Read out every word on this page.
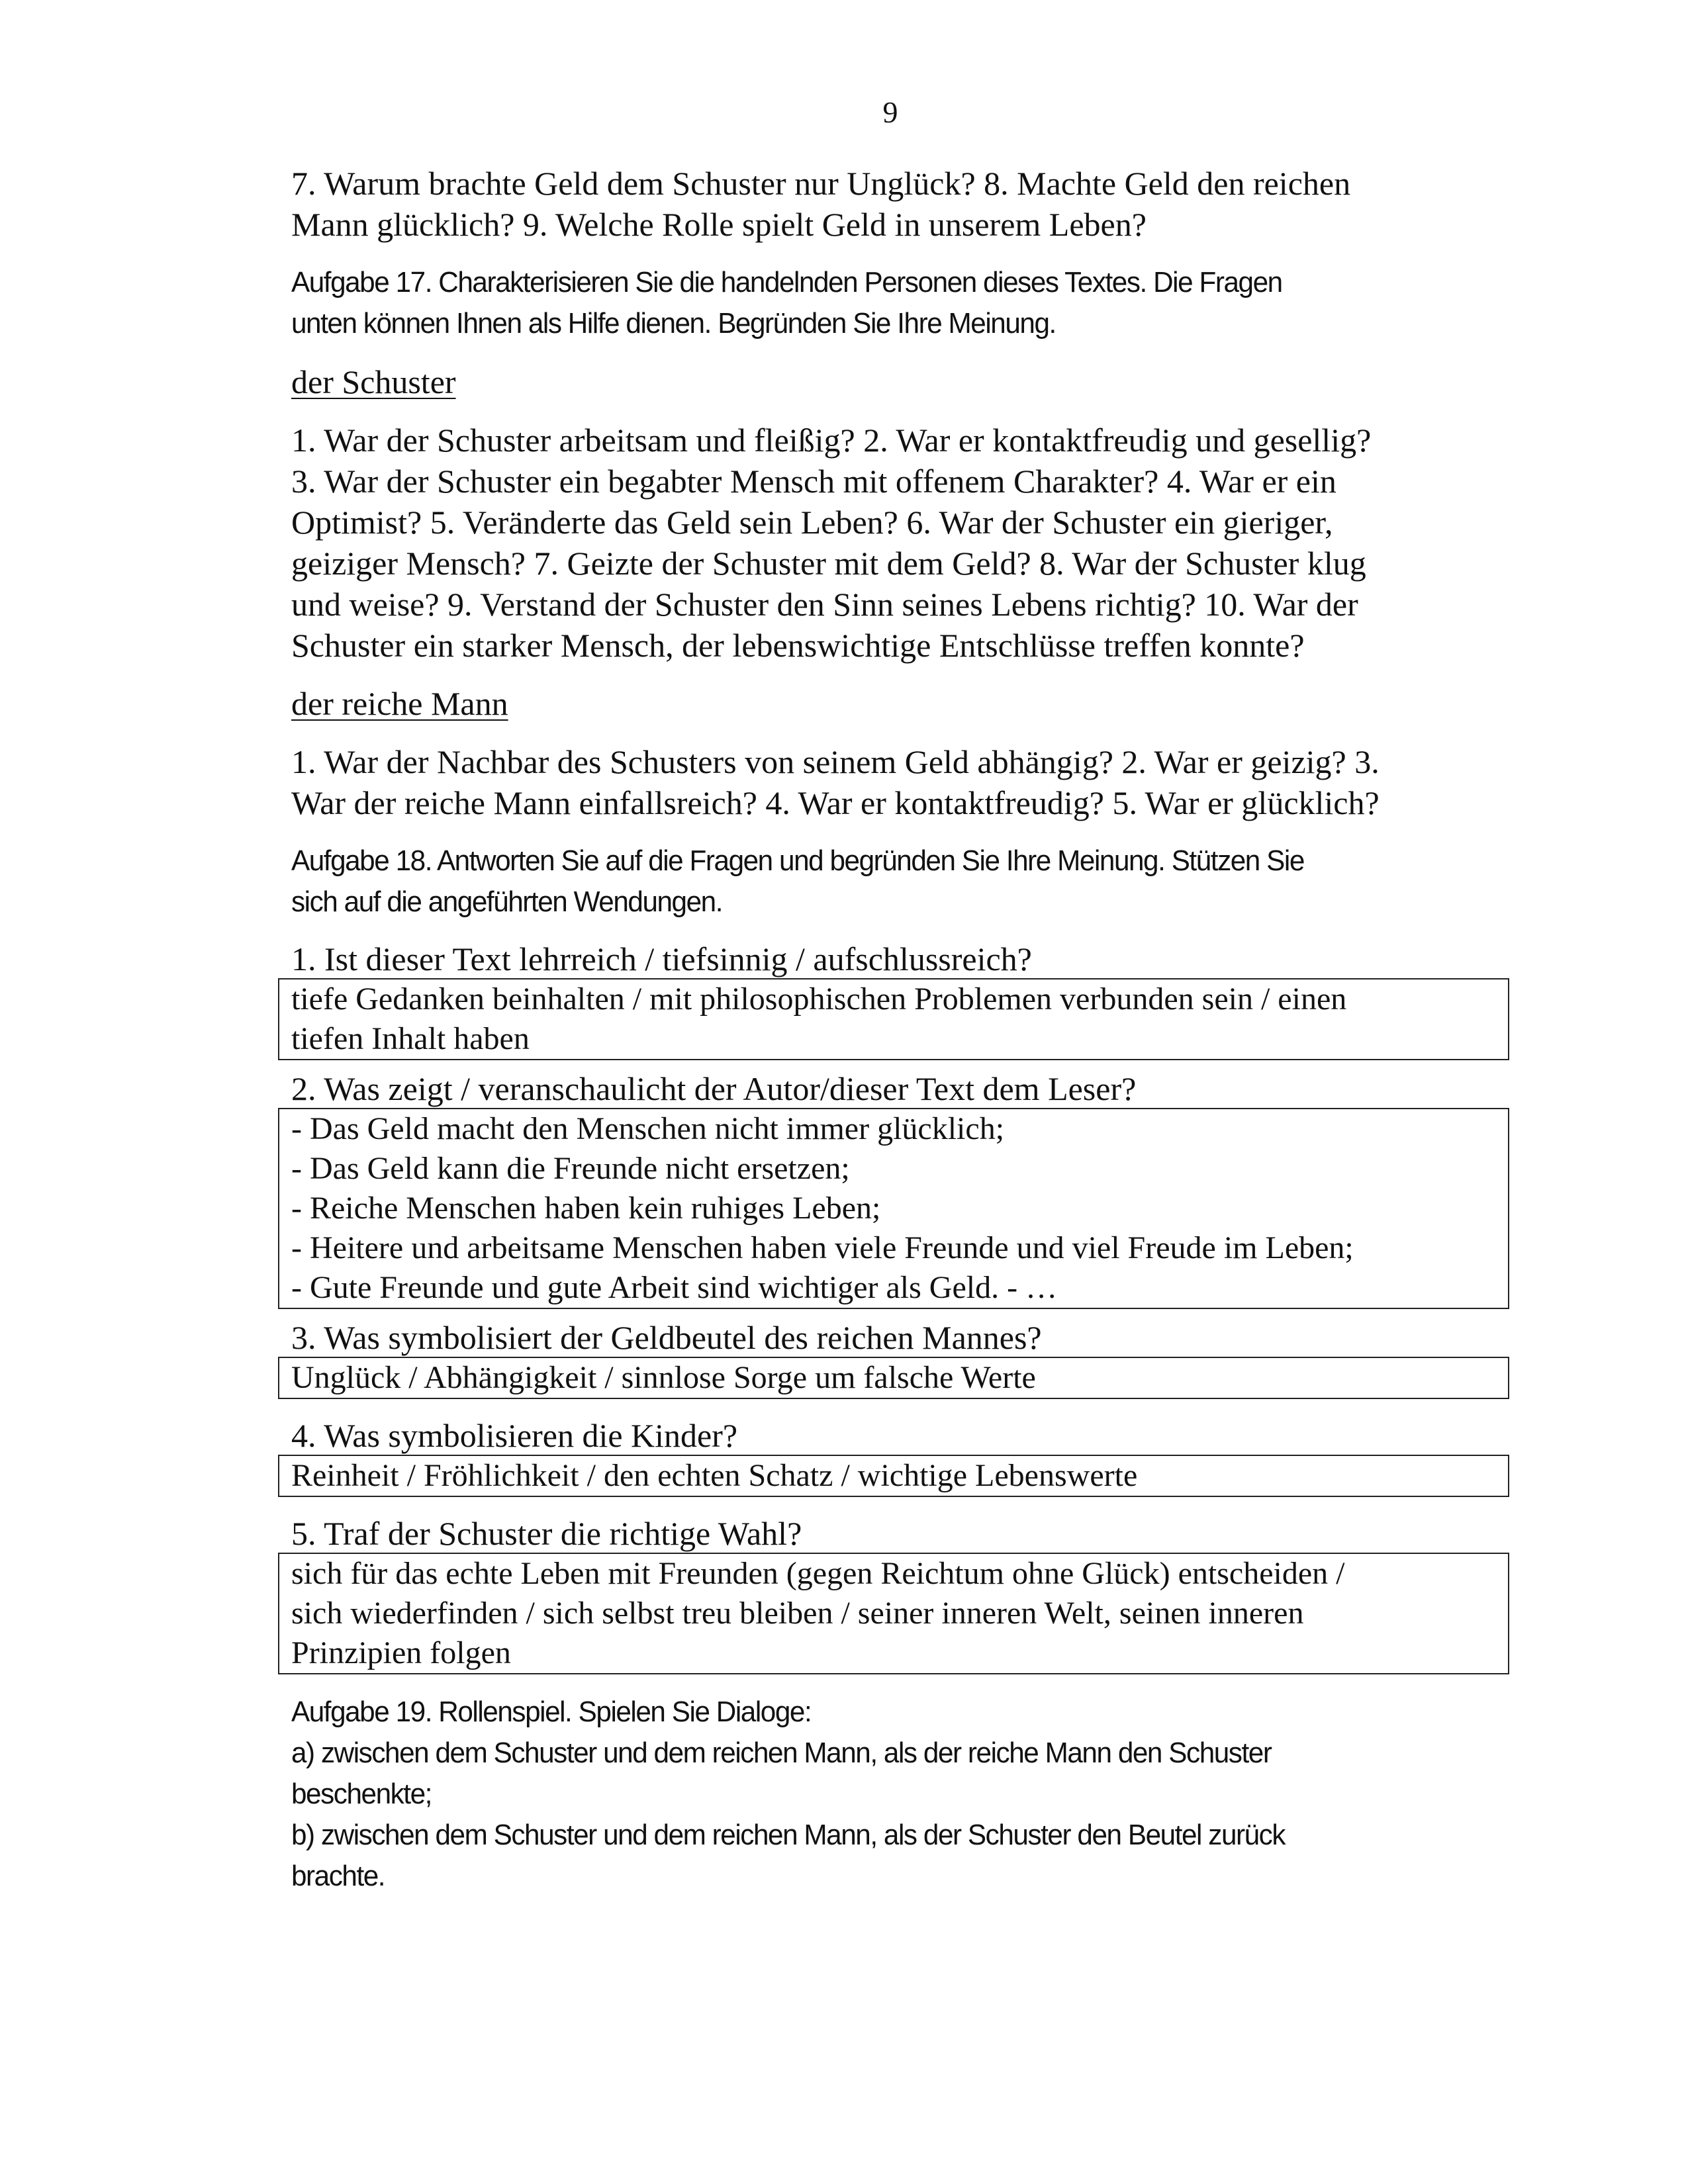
9

7. Warum brachte Geld dem Schuster nur Unglück? 8. Machte Geld den reichen
Mann glücklich? 9. Welche Rolle spielt Geld in unserem Leben?

Aufgabe 17. Charakterisieren Sie die handelnden Personen dieses Textes. Die Fragen
unten können Ihnen als Hilfe dienen. Begründen Sie Ihre Meinung.

der Schuster

1. War der Schuster arbeitsam und fleißig? 2. War er kontaktfreudig und gesellig?
3. War der Schuster ein begabter Mensch mit offenem Charakter? 4. War er ein
Optimist? 5. Veränderte das Geld sein Leben? 6. War der Schuster ein gieriger,
geiziger Mensch? 7. Geizte der Schuster mit dem Geld? 8. War der Schuster klug
und weise? 9. Verstand der Schuster den Sinn seines Lebens richtig? 10. War der
Schuster ein starker Mensch, der lebenswichtige Entschlüsse treffen konnte?

der reiche Mann

1. War der Nachbar des Schusters von seinem Geld abhängig? 2. War er geizig? 3.
War der reiche Mann einfallsreich? 4. War er kontaktfreudig? 5. War er glücklich?

Aufgabe 18. Antworten Sie auf die Fragen und begründen Sie Ihre Meinung. Stützen Sie
sich auf die angeführten Wendungen.

1. Ist dieser Text lehrreich / tiefsinnig / aufschlussreich?

tiefe Gedanken beinhalten / mit philosophischen Problemen verbunden sein / einen
tiefen Inhalt haben

2. Was zeigt / veranschaulicht der Autor/dieser Text dem Leser?

- Das Geld macht den Menschen nicht immer glücklich;
- Das Geld kann die Freunde nicht ersetzen;
- Reiche Menschen haben kein ruhiges Leben;
- Heitere und arbeitsame Menschen haben viele Freunde und viel Freude im Leben;
- Gute Freunde und gute Arbeit sind wichtiger als Geld. - …

3. Was symbolisiert der Geldbeutel des reichen Mannes?

Unglück / Abhängigkeit / sinnlose Sorge um falsche Werte

4. Was symbolisieren die Kinder?

Reinheit / Fröhlichkeit / den echten Schatz / wichtige Lebenswerte

5. Traf der Schuster die richtige Wahl?

sich für das echte Leben mit Freunden (gegen Reichtum ohne Glück) entscheiden /
sich wiederfinden / sich selbst treu bleiben / seiner inneren Welt, seinen inneren
Prinzipien folgen

Aufgabe 19. Rollenspiel. Spielen Sie Dialoge:
a) zwischen dem Schuster und dem reichen Mann, als der reiche Mann den Schuster
beschenkte;
b) zwischen dem Schuster und dem reichen Mann, als der Schuster den Beutel zurück
brachte.
